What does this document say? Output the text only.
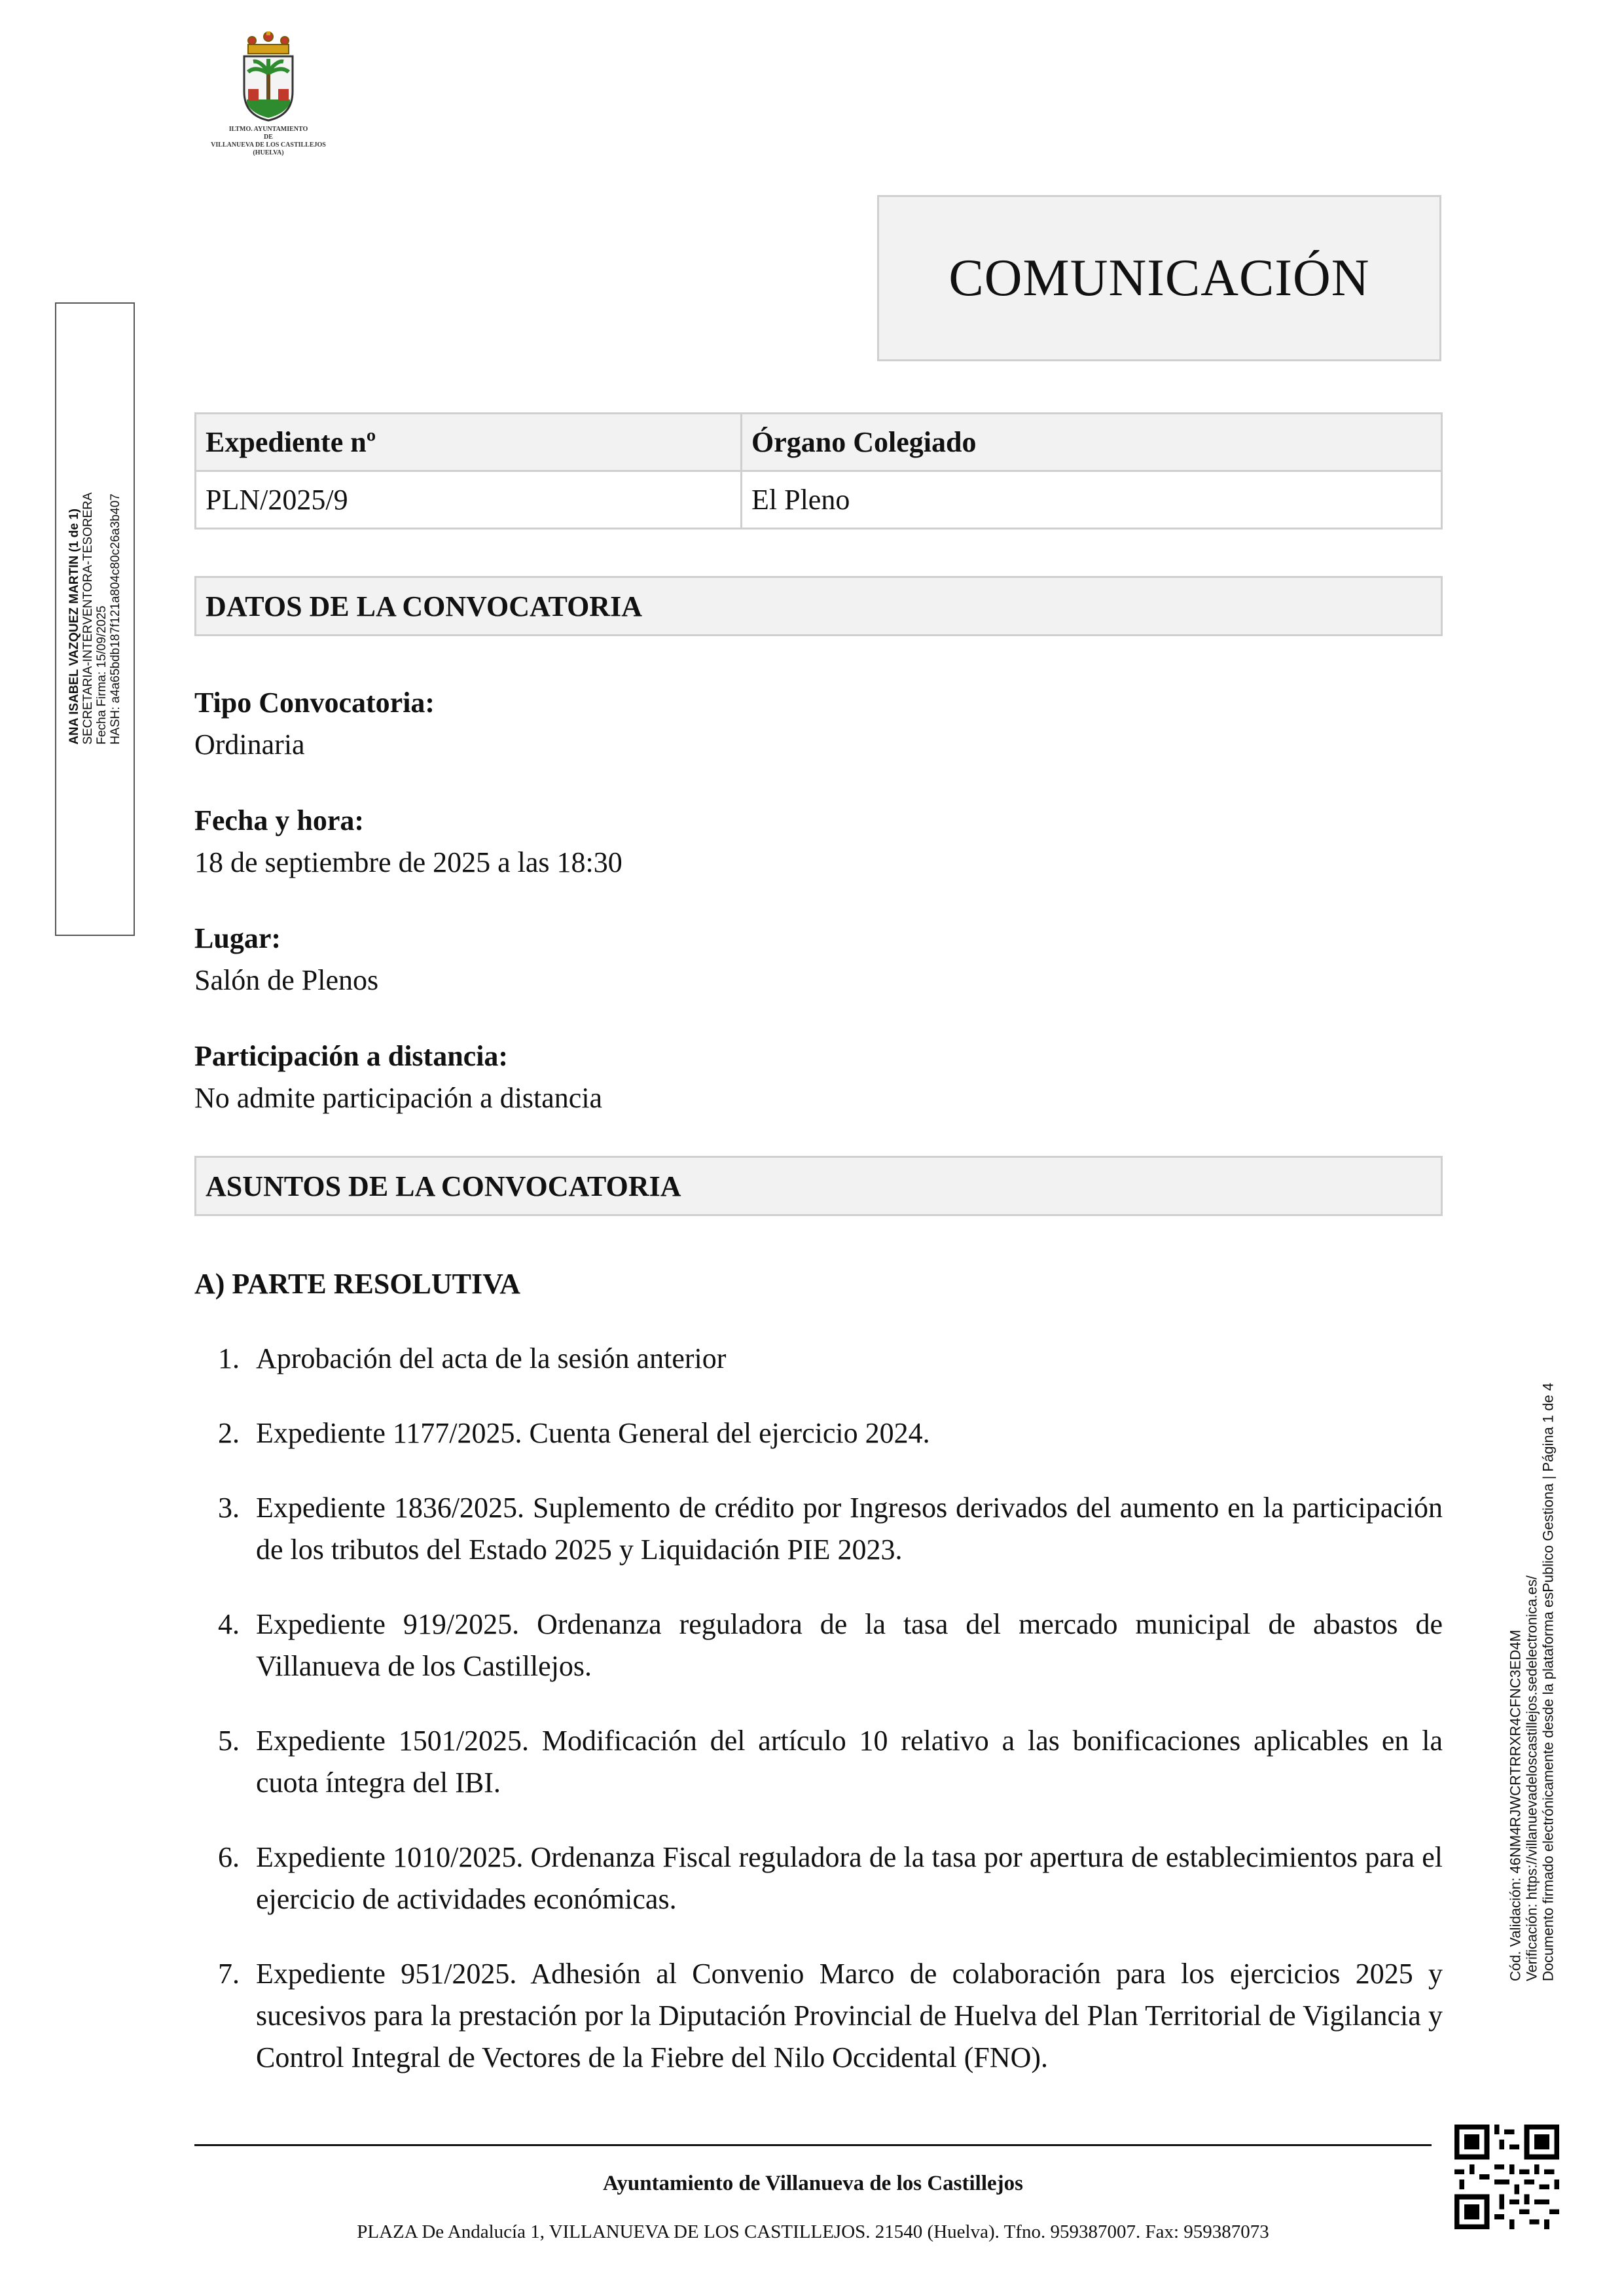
ILTMO. AYUNTAMIENTO
DE
VILLANUEVA DE LOS CASTILLEJOS
(HUELVA)
COMUNICACIÓN
ANA ISABEL VAZQUEZ MARTIN (1 de 1) SECRETARIA-INTERVENTORA-TESORERA Fecha Firma: 15/09/2025 HASH: a4a65bdb187f121a804c80c26a3b407
Expediente nº	Órgano Colegiado
PLN/2025/9	El Pleno
DATOS DE LA CONVOCATORIA
Tipo Convocatoria:
Ordinaria
Fecha y hora:
18 de septiembre de 2025 a las 18:30
Lugar:
Salón de Plenos
Participación a distancia:
No admite participación a distancia
ASUNTOS DE LA CONVOCATORIA
A) PARTE RESOLUTIVA
1. Aprobación del acta de la sesión anterior
2. Expediente 1177/2025. Cuenta General del ejercicio 2024.
3. Expediente 1836/2025. Suplemento de crédito por Ingresos derivados del aumento en la participación de los tributos del Estado 2025 y Liquidación PIE 2023.
4. Expediente 919/2025. Ordenanza reguladora de la tasa del mercado municipal de abastos de Villanueva de los Castillejos.
5. Expediente 1501/2025. Modificación del artículo 10 relativo a las bonificaciones aplicables en la cuota íntegra del IBI.
6. Expediente 1010/2025. Ordenanza Fiscal reguladora de la tasa por apertura de establecimientos para el ejercicio de actividades económicas.
7. Expediente 951/2025. Adhesión al Convenio Marco de colaboración para los ejercicios 2025 y sucesivos para la prestación por la Diputación Provincial de Huelva del Plan Territorial de Vigilancia y Control Integral de Vectores de la Fiebre del Nilo Occidental (FNO).
Cód. Validación: 46NM4RJWCRTRRXR4CFNC3ED4M Verificación: https://villanuevadeloscastillejos.sedelectronica.es/ Documento firmado electrónicamente desde la plataforma esPublico Gestiona | Página 1 de 4
Ayuntamiento de Villanueva de los Castillejos
PLAZA De Andalucía 1, VILLANUEVA DE LOS CASTILLEJOS. 21540 (Huelva). Tfno. 959387007. Fax: 959387073
